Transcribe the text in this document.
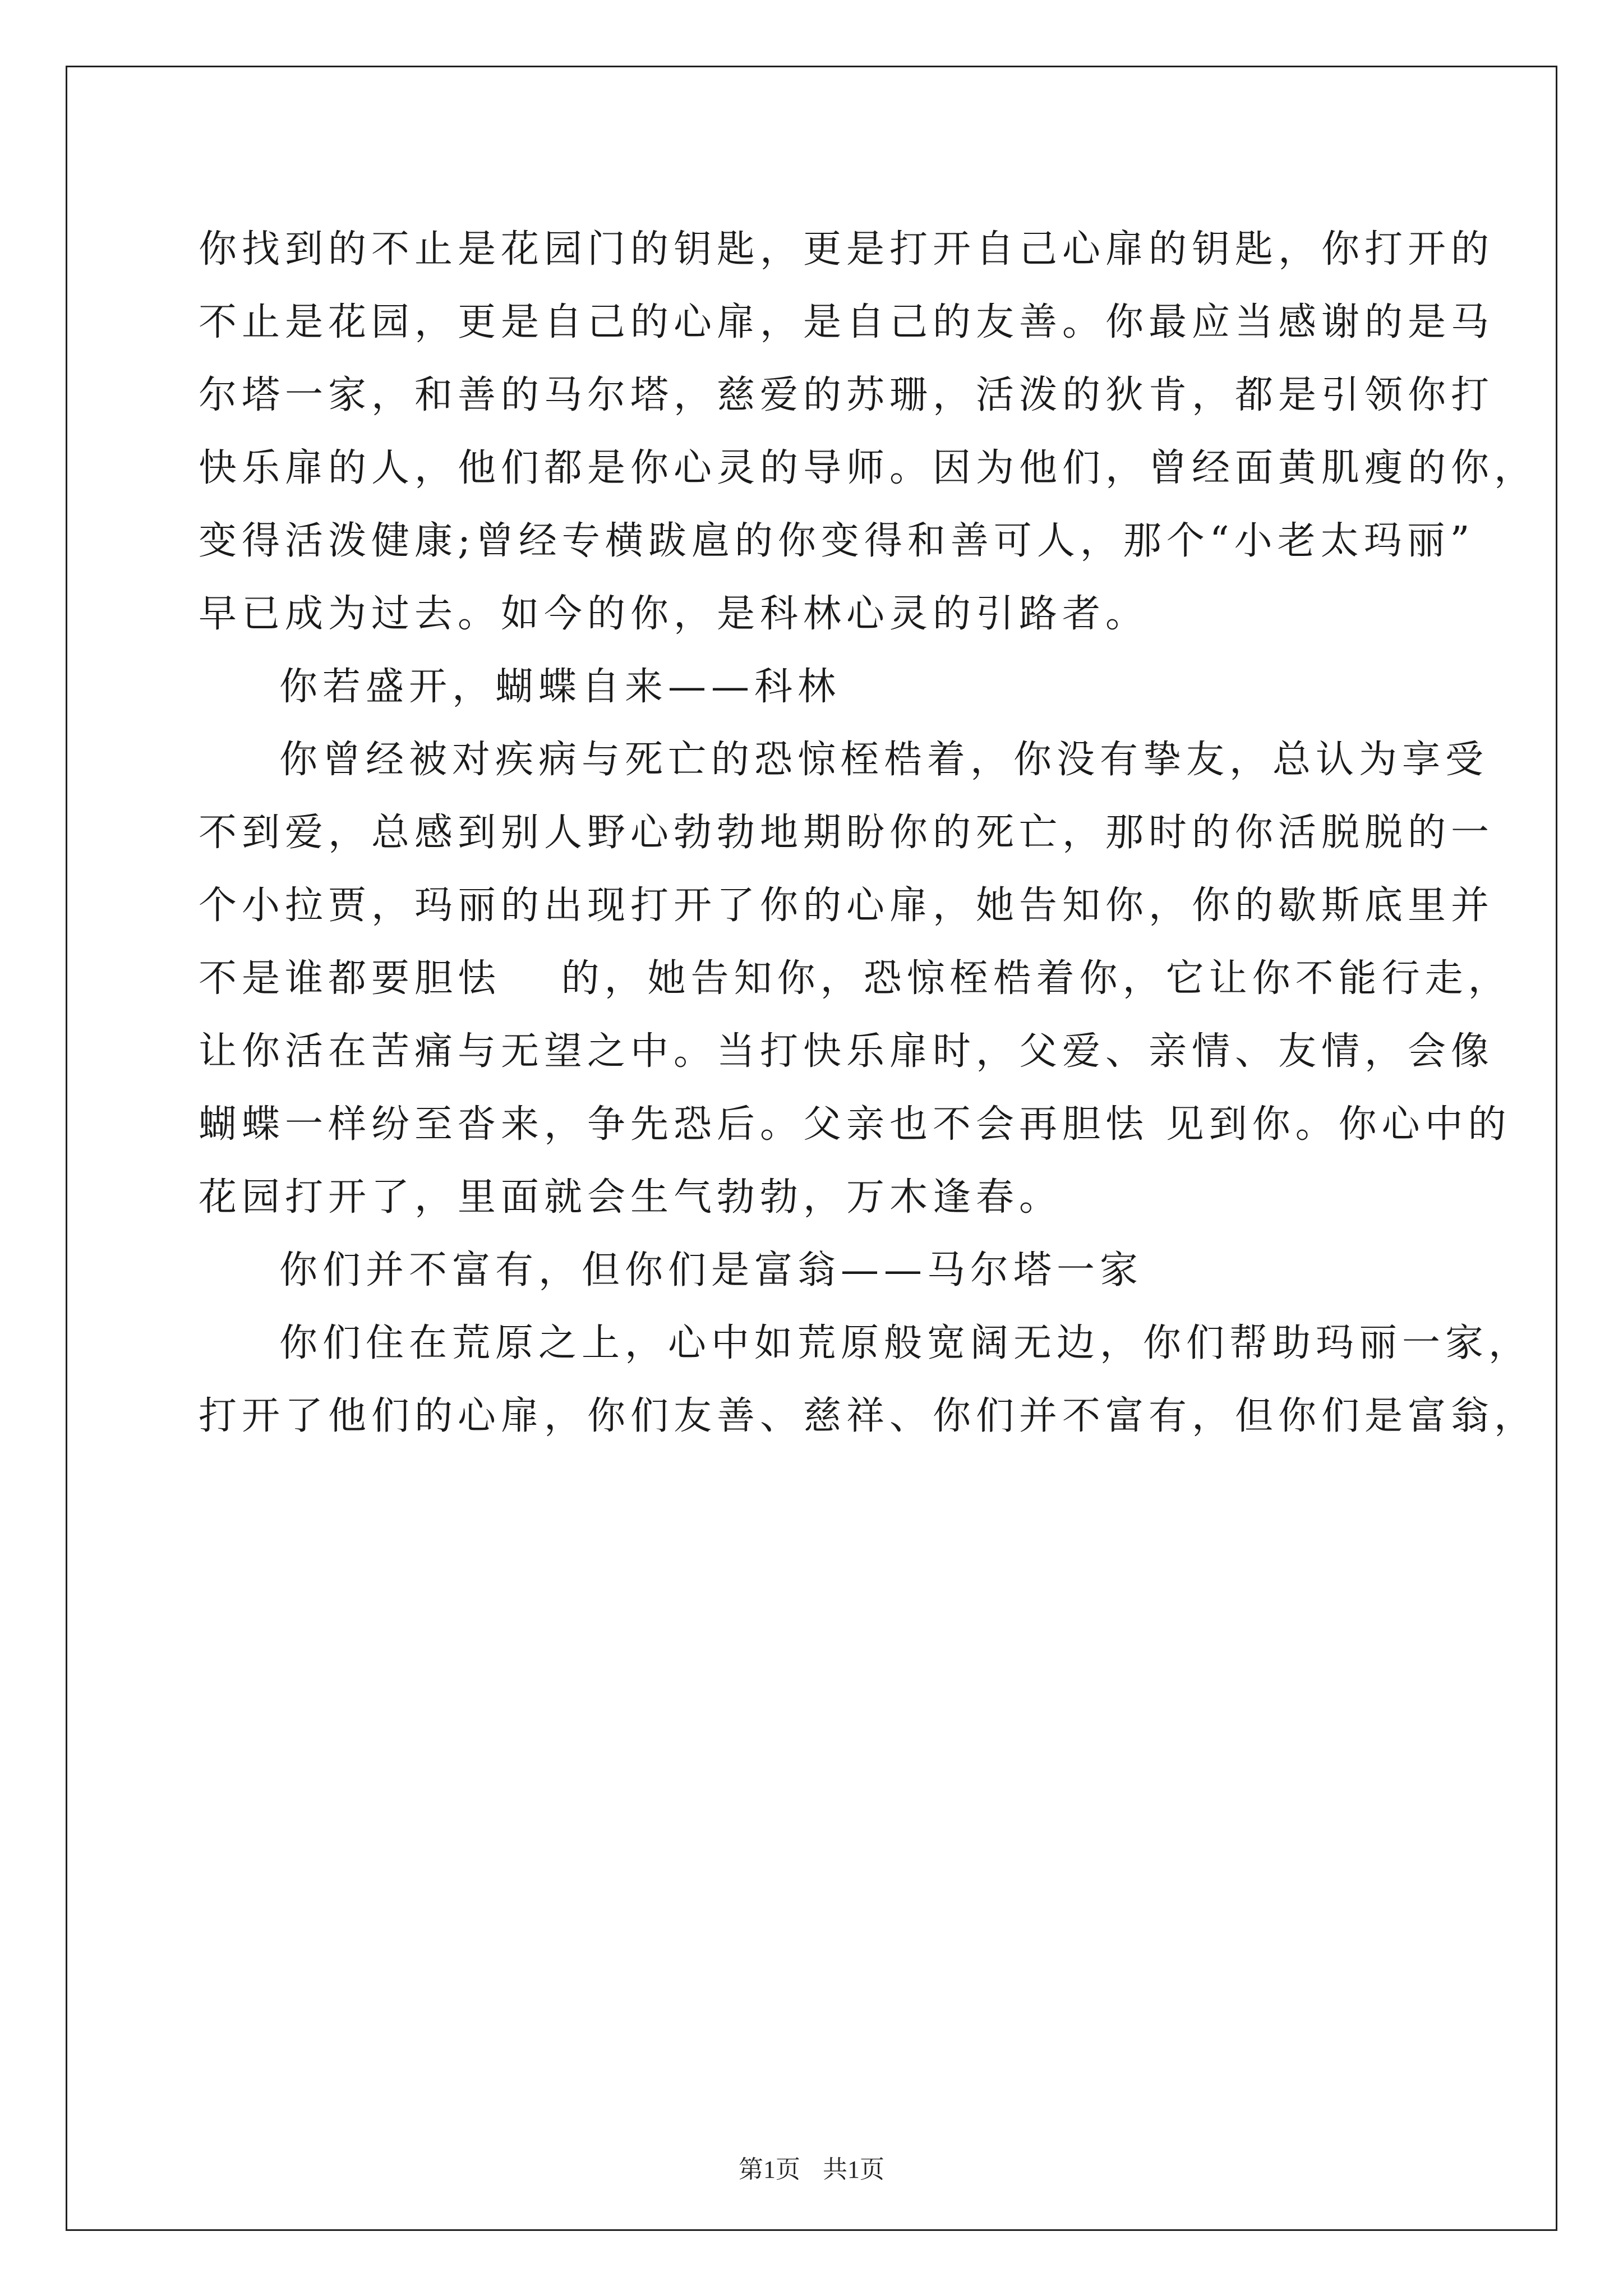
你找到的不止是花园门的钥匙，更是打开自己心扉的钥匙，你打开的
不止是花园，更是自己的心扉，是自己的友善。你最应当感谢的是马
尔塔一家，和善的马尔塔，慈爱的苏珊，活泼的狄肯，都是引领你打
快乐扉的人，他们都是你心灵的导师。因为他们，曾经面黄肌瘦的你，
变得活泼健康;曾经专横跋扈的你变得和善可人，那个“小老太玛丽”
早已成为过去。如今的你，是科林心灵的引路者。
你若盛开，蝴蝶自来——科林
你曾经被对疾病与死亡的恐惊桎梏着，你没有挚友，总认为享受
不到爱，总感到别人野心勃勃地期盼你的死亡，那时的你活脱脱的一
个小拉贾，玛丽的出现打开了你的心扉，她告知你，你的歇斯底里并
不是谁都要胆怯　 的，她告知你，恐惊桎梏着你，它让你不能行走，
让你活在苦痛与无望之中。当打快乐扉时，父爱、亲情、友情，会像
蝴蝶一样纷至沓来，争先恐后。父亲也不会再胆怯 见到你。你心中的
花园打开了，里面就会生气勃勃，万木逢春。
你们并不富有，但你们是富翁——马尔塔一家
你们住在荒原之上，心中如荒原般宽阔无边，你们帮助玛丽一家，
打开了他们的心扉，你们友善、慈祥、你们并不富有，但你们是富翁，
第1页 共1页
